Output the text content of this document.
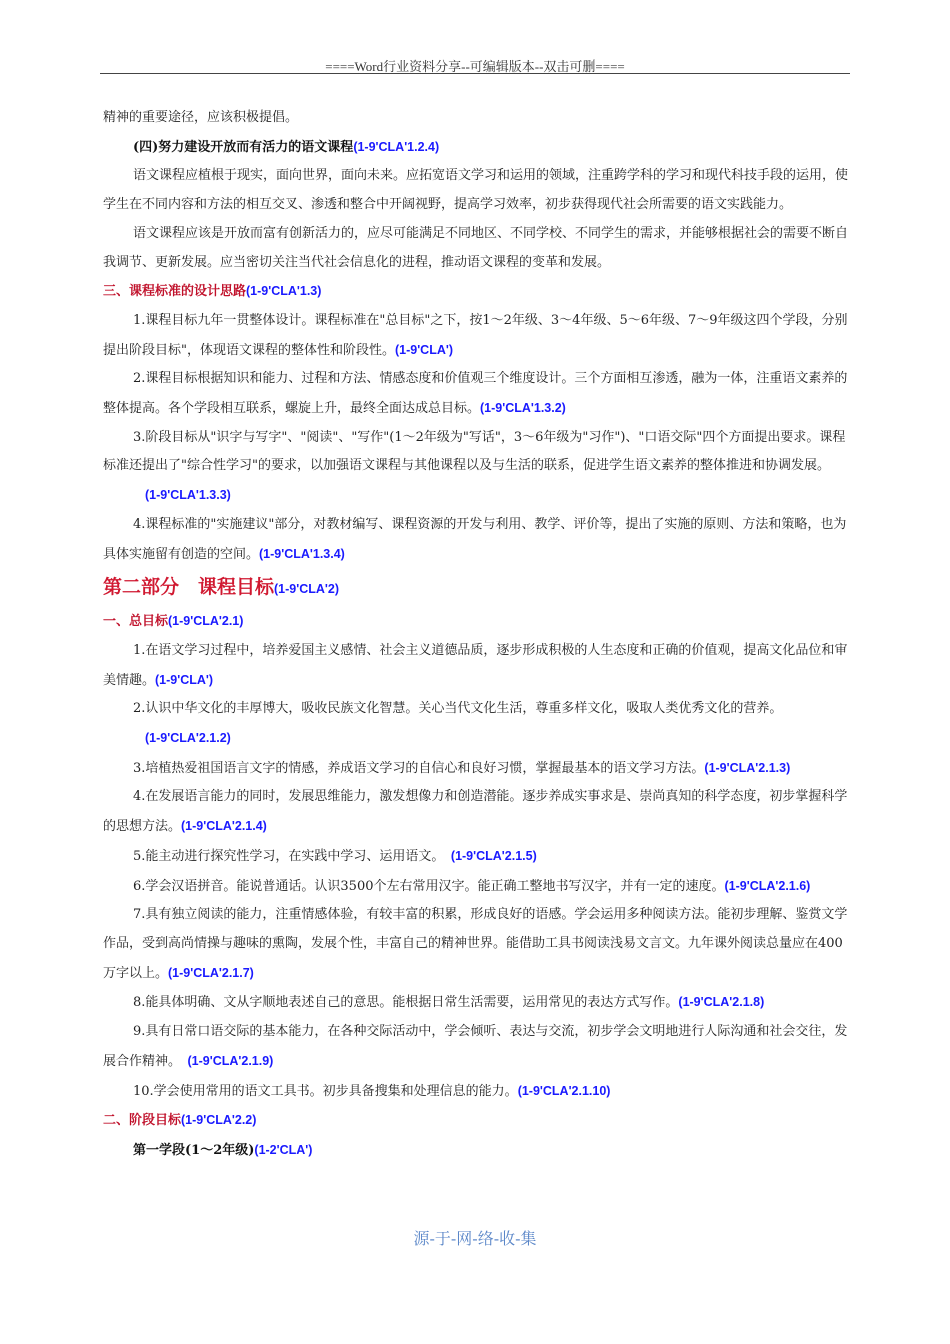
====Word行业资料分享--可编辑版本--双击可删====

精神的重要途径，应该积极提倡。

(四)努力建设开放而有活力的语文课程(1-9'CLA'1.2.4)

语文课程应植根于现实，面向世界，面向未来。应拓宽语文学习和运用的领域，注重跨学科的学习和现代科技手段的运用，使学生在不同内容和方法的相互交叉、渗透和整合中开阔视野，提高学习效率，初步获得现代社会所需要的语文实践能力。

语文课程应该是开放而富有创新活力的，应尽可能满足不同地区、不同学校、不同学生的需求，并能够根据社会的需要不断自我调节、更新发展。应当密切关注当代社会信息化的进程，推动语文课程的变革和发展。

三、课程标准的设计思路(1-9'CLA'1.3)

1.课程目标九年一贯整体设计。课程标准在"总目标"之下，按1～2年级、3～4年级、5～6年级、7～9年级这四个学段，分别提出阶段目标"，体现语文课程的整体性和阶段性。(1-9'CLA')

2.课程目标根据知识和能力、过程和方法、情感态度和价值观三个维度设计。三个方面相互渗透，融为一体，注重语文素养的整体提高。各个学段相互联系，螺旋上升，最终全面达成总目标。(1-9'CLA'1.3.2)

3.阶段目标从"识字与写字"、"阅读"、"写作"(1～2年级为"写话"，3～6年级为"习作")、"口语交际"四个方面提出要求。课程标准还提出了"综合性学习"的要求，以加强语文课程与其他课程以及与生活的联系，促进学生语文素养的整体推进和协调发展。

(1-9'CLA'1.3.3)

4.课程标准的"实施建议"部分，对教材编写、课程资源的开发与利用、教学、评价等，提出了实施的原则、方法和策略，也为具体实施留有创造的空间。(1-9'CLA'1.3.4)

第二部分　课程目标(1-9'CLA'2)

一、总目标(1-9'CLA'2.1)

1.在语文学习过程中，培养爱国主义感情、社会主义道德品质，逐步形成积极的人生态度和正确的价值观，提高文化品位和审美情趣。(1-9'CLA')

2.认识中华文化的丰厚博大，吸收民族文化智慧。关心当代文化生活，尊重多样文化，吸取人类优秀文化的营养。

(1-9'CLA'2.1.2)

3.培植热爱祖国语言文字的情感，养成语文学习的自信心和良好习惯，掌握最基本的语文学习方法。(1-9'CLA'2.1.3)

4.在发展语言能力的同时，发展思维能力，激发想像力和创造潜能。逐步养成实事求是、崇尚真知的科学态度，初步掌握科学的思想方法。(1-9'CLA'2.1.4)

5.能主动进行探究性学习，在实践中学习、运用语文。　(1-9'CLA'2.1.5)

6.学会汉语拼音。能说普通话。认识3500个左右常用汉字。能正确工整地书写汉字，并有一定的速度。(1-9'CLA'2.1.6)

7.具有独立阅读的能力，注重情感体验，有较丰富的积累，形成良好的语感。学会运用多种阅读方法。能初步理解、鉴赏文学作品，受到高尚情操与趣味的熏陶，发展个性，丰富自己的精神世界。能借助工具书阅读浅易文言文。九年课外阅读总量应在400万字以上。(1-9'CLA'2.1.7)

8.能具体明确、文从字顺地表述自己的意思。能根据日常生活需要，运用常见的表达方式写作。(1-9'CLA'2.1.8)

9.具有日常口语交际的基本能力，在各种交际活动中，学会倾听、表达与交流，初步学会文明地进行人际沟通和社会交往，发展合作精神。　(1-9'CLA'2.1.9)

10.学会使用常用的语文工具书。初步具备搜集和处理信息的能力。(1-9'CLA'2.1.10)

二、阶段目标(1-9'CLA'2.2)

第一学段(1～2年级)(1-2'CLA')

源-于-网-络-收-集
